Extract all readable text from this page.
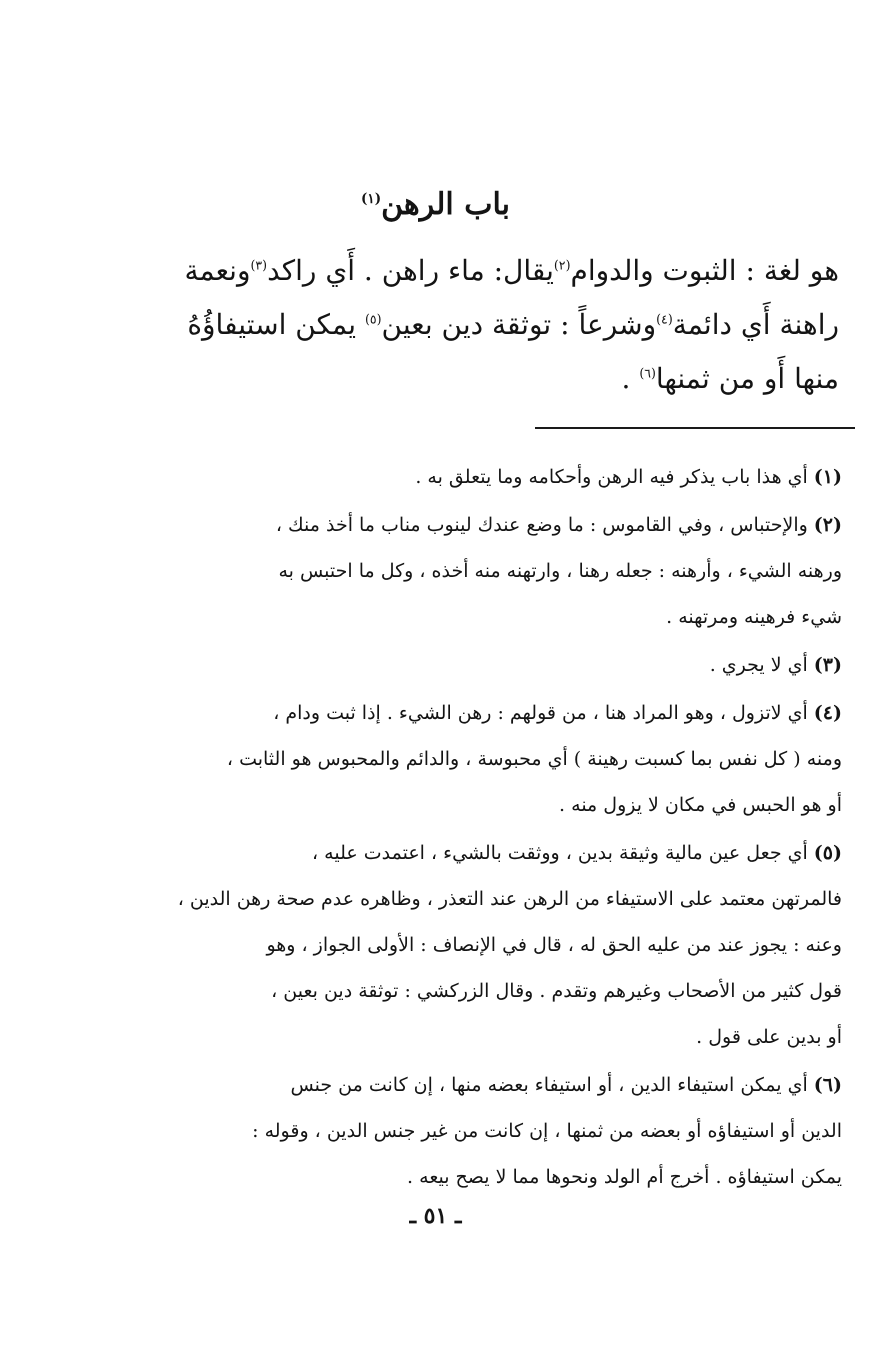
باب الرهن$^{(١)}$
هو لغة : الثبوت والدوام$^{(٢)}$يقال: ماء راهن . أَي راكد$^{(٣)}$ونعمة
راهنة أَي دائمة$^{(٤)}$وشرعاً : توثقة دين بعين$^{(٥)}$ يمكن استيفاؤُهُ
منها أَو من ثمنها$^{(٦)}$ .
(١)أي هذا باب يذكر فيه الرهن وأحكامه وما يتعلق به .
(٢)والإحتباس ، وفي القاموس : ما وضع عندك لينوب مناب ما أخذ منك ،
ورهنه الشيء ، وأرهنه : جعله رهنا ، وارتهنه منه أخذه ، وكل ما احتبس به
شيء فرهينه ومرتهنه .
(٣)أي لا يجري .
(٤)أي لاتزول ، وهو المراد هنا ، من قولهم : رهن الشيء . إذا ثبت ودام ،
ومنه ( كل نفس بما كسبت رهينة ) أي محبوسة ، والدائم والمحبوس هو الثابت ،
أو هو الحبس في مكان لا يزول منه .
(٥)أي جعل عين مالية وثيقة بدين ، ووثقت بالشيء ، اعتمدت عليه ،
فالمرتهن معتمد على الاستيفاء من الرهن عند التعذر ، وظاهره عدم صحة رهن الدين ،
وعنه : يجوز عند من عليه الحق له ، قال في الإنصاف : الأولى الجواز ، وهو
قول كثير من الأصحاب وغيرهم وتقدم . وقال الزركشي : توثقة دين بعين ،
أو بدين على قول .
(٦)أي يمكن استيفاء الدين ، أو استيفاء بعضه منها ، إن كانت من جنس
الدين أو استيفاؤه أو بعضه من ثمنها ، إن كانت من غير جنس الدين ، وقوله :
يمكن استيفاؤه . أخرج أم الولد ونحوها مما لا يصح بيعه .
ـ ٥١ ـ
